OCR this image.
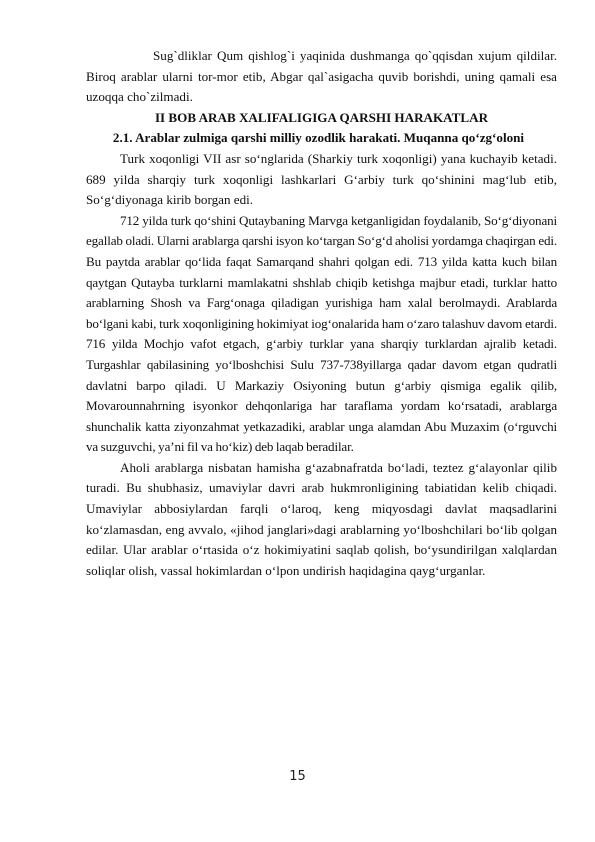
Sug`dliklar Qum qishlog`i yaqinida dushmanga qo`qqisdan xujum qildilar. Biroq arablar ularni tor-mor etib, Abgar qal`asigacha quvib borishdi, uning qamali esa uzoqqa cho`zilmadi.

II BOB ARAB XALIFALIGIGA QARSHI HARAKATLAR

2.1. Arablar zulmiga qarshi milliy ozodlik harakati. Muqanna qo‘zg‘oloni

Turk xoqonligi VII asr so‘nglarida (Sharkiy turk xoqonligi) yana kuchayib ketadi. 689 yilda sharqiy turk xoqonligi lashkarlari G‘arbiy turk qo‘shinini mag‘lub etib, So‘g‘diyonaga kirib borgan edi.

712 yilda turk qo‘shini Qutaybaning Marvga ketganligidan foydalanib, So‘g‘diyonani egallab oladi. Ularni arablarga qarshi isyon ko‘targan So‘g‘d aholisi yordamga chaqirgan edi. Bu paytda arablar qo‘lida faqat Samarqand shahri qolgan edi. 713 yilda katta kuch bilan qaytgan Qutayba turklarni mamlakatni shshlab chiqib ketishga majbur etadi, turklar hatto arablarning Shosh va Farg‘onaga qiladigan yurishiga ham xalal berolmaydi. Arablarda bo‘lgani kabi, turk xoqonligining hokimiyat iog‘onalarida ham o‘zaro talashuv davom etardi. 716 yilda Mochjo vafot etgach, g‘arbiy turklar yana sharqiy turklardan ajralib ketadi. Turgashlar qabilasining yo‘lboshchisi Sulu 737-738yillarga qadar davom etgan qudratli davlatni barpo qiladi. U Markaziy Osiyoning butun g‘arbiy qismiga egalik qilib, Movarounnahrning isyonkor dehqonlariga har taraflama yordam ko‘rsatadi, arablarga shunchalik katta ziyonzahmat yetkazadiki, arablar unga alamdan Abu Muzaxim (o‘rguvchi va suzguvchi, ya’ni fil va ho‘kiz) deb laqab beradilar.

Aholi arablarga nisbatan hamisha g‘azabnafratda bo‘ladi, teztez g‘alayonlar qilib turadi. Bu shubhasiz, umaviylar davri arab hukmronligining tabiatidan kelib chiqadi. Umaviylar abbosiylardan farqli o‘laroq, keng miqyosdagi davlat maqsadlarini ko‘zlamasdan, eng avvalo, «jihod janglari»dagi arablarning yo‘lboshchilari bo‘lib qolgan edilar. Ular arablar o‘rtasida o‘z hokimiyatini saqlab qolish, bo‘ysundirilgan xalqlardan soliqlar olish, vassal hokimlardan o‘lpon undirish haqidagina qayg‘urganlar.

15
